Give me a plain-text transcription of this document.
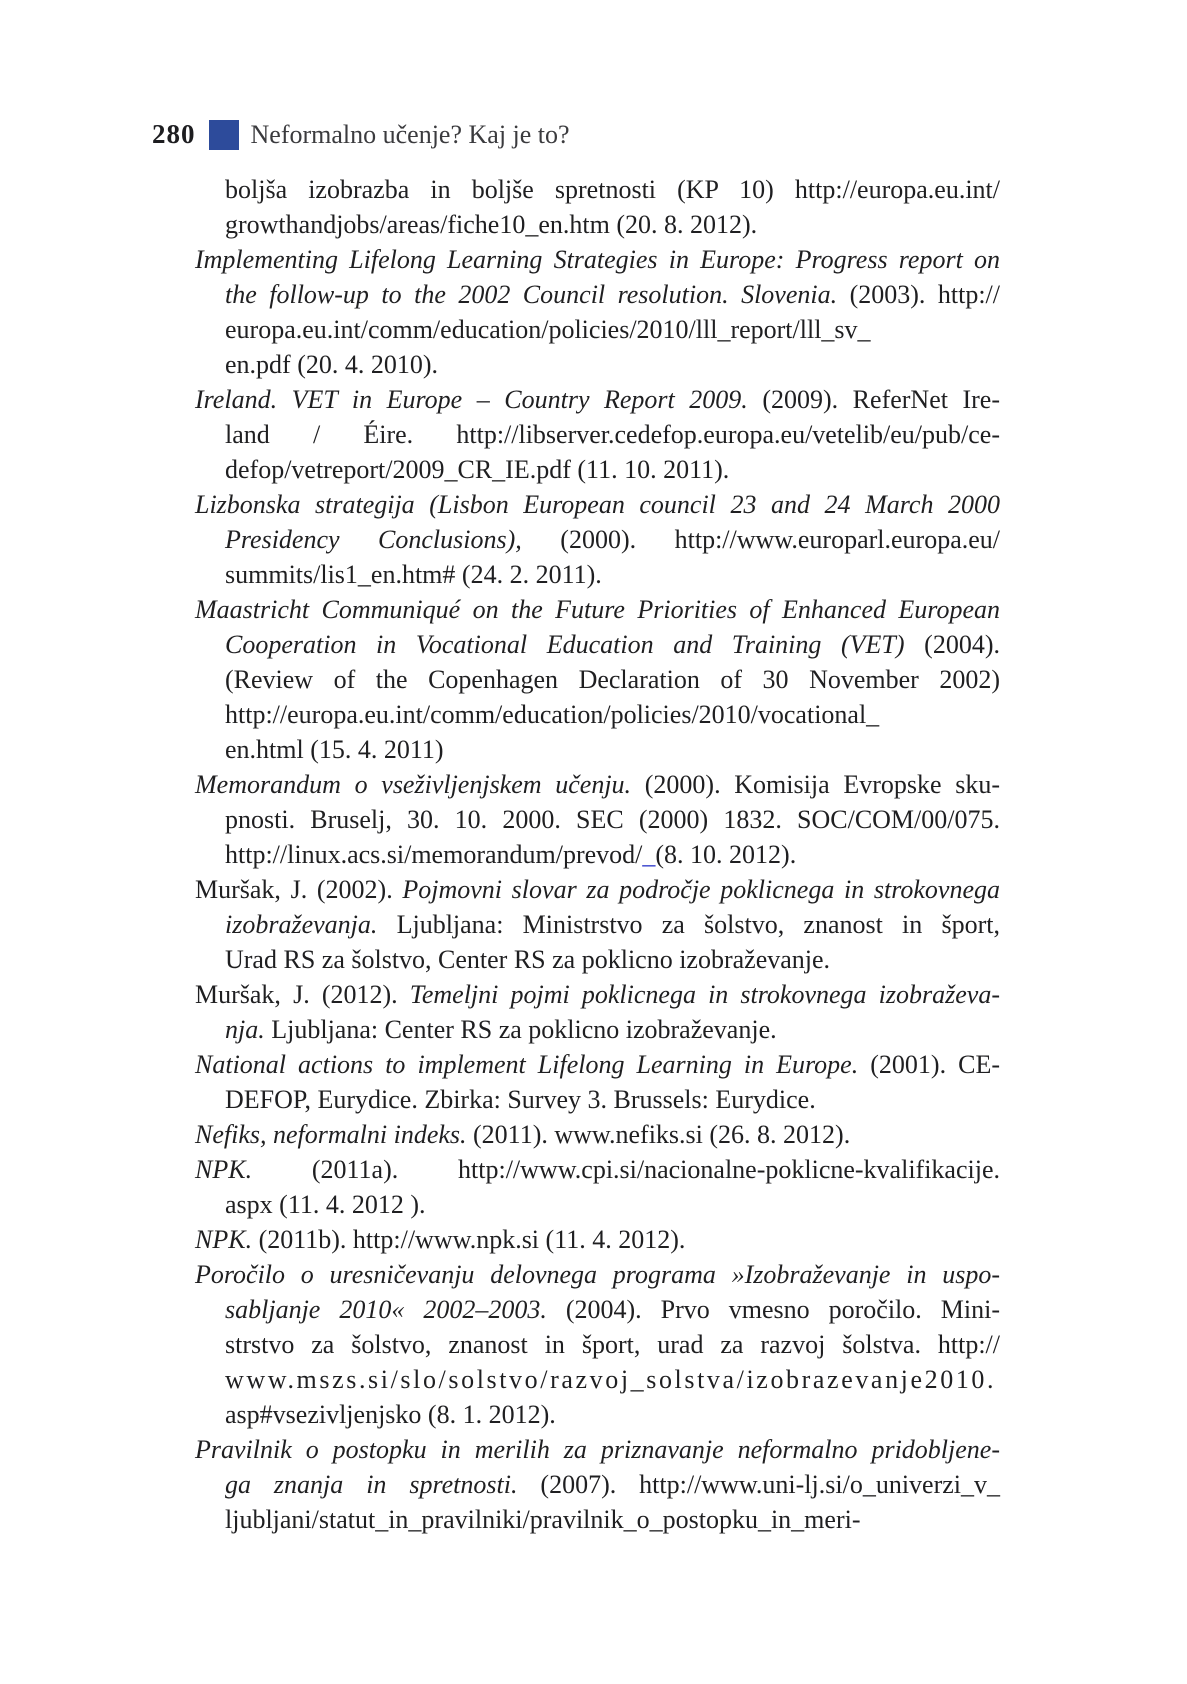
280 Neformalno učenje? Kaj je to?
boljša izobrazba in boljše spretnosti (KP 10) http://europa.eu.int/
growthandjobs/areas/fiche10_en.htm (20. 8. 2012).
Implementing Lifelong Learning Strategies in Europe: Progress report on
the follow-up to the 2002 Council resolution. Slovenia. (2003). http://
europa.eu.int/comm/education/policies/2010/lll_report/lll_sv_
en.pdf (20. 4. 2010).
Ireland. VET in Europe – Country Report 2009. (2009). ReferNet Ire-
land / Éire. http://libserver.cedefop.europa.eu/vetelib/eu/pub/ce-
defop/vetreport/2009_CR_IE.pdf (11. 10. 2011).
Lizbonska strategija (Lisbon European council 23 and 24 March 2000
Presidency Conclusions), (2000). http://www.europarl.europa.eu/
summits/lis1_en.htm# (24. 2. 2011).
Maastricht Communiqué on the Future Priorities of Enhanced European
Cooperation in Vocational Education and Training (VET) (2004).
(Review of the Copenhagen Declaration of 30 November 2002)
http://europa.eu.int/comm/education/policies/2010/vocational_
en.html (15. 4. 2011)
Memorandum o vseživljenjskem učenju. (2000). Komisija Evropske sku-
pnosti. Bruselj, 30. 10. 2000. SEC (2000) 1832. SOC/COM/00/075.
http://linux.acs.si/memorandum/prevod/_(8. 10. 2012).
Muršak, J. (2002). Pojmovni slovar za področje poklicnega in strokovnega
izobraževanja. Ljubljana: Ministrstvo za šolstvo, znanost in šport,
Urad RS za šolstvo, Center RS za poklicno izobraževanje.
Muršak, J. (2012). Temeljni pojmi poklicnega in strokovnega izobraževa-
nja. Ljubljana: Center RS za poklicno izobraževanje.
National actions to implement Lifelong Learning in Europe. (2001). CE-
DEFOP, Eurydice. Zbirka: Survey 3. Brussels: Eurydice.
Nefiks, neformalni indeks. (2011). www.nefiks.si (26. 8. 2012).
NPK. (2011a). http://www.cpi.si/nacionalne-poklicne-kvalifikacije.
aspx (11. 4. 2012 ).
NPK. (2011b). http://www.npk.si (11. 4. 2012).
Poročilo o uresničevanju delovnega programa »Izobraževanje in uspo-
sabljanje 2010« 2002–2003. (2004). Prvo vmesno poročilo. Mini-
strstvo za šolstvo, znanost in šport, urad za razvoj šolstva. http://
www.mszs.si/slo/solstvo/razvoj_solstva/izobrazevanje2010.
asp#vsezivljenjsko (8. 1. 2012).
Pravilnik o postopku in merilih za priznavanje neformalno pridobljene-
ga znanja in spretnosti. (2007). http://www.uni-lj.si/o_univerzi_v_
ljubljani/statut_in_pravilniki/pravilnik_o_postopku_in_meri-
